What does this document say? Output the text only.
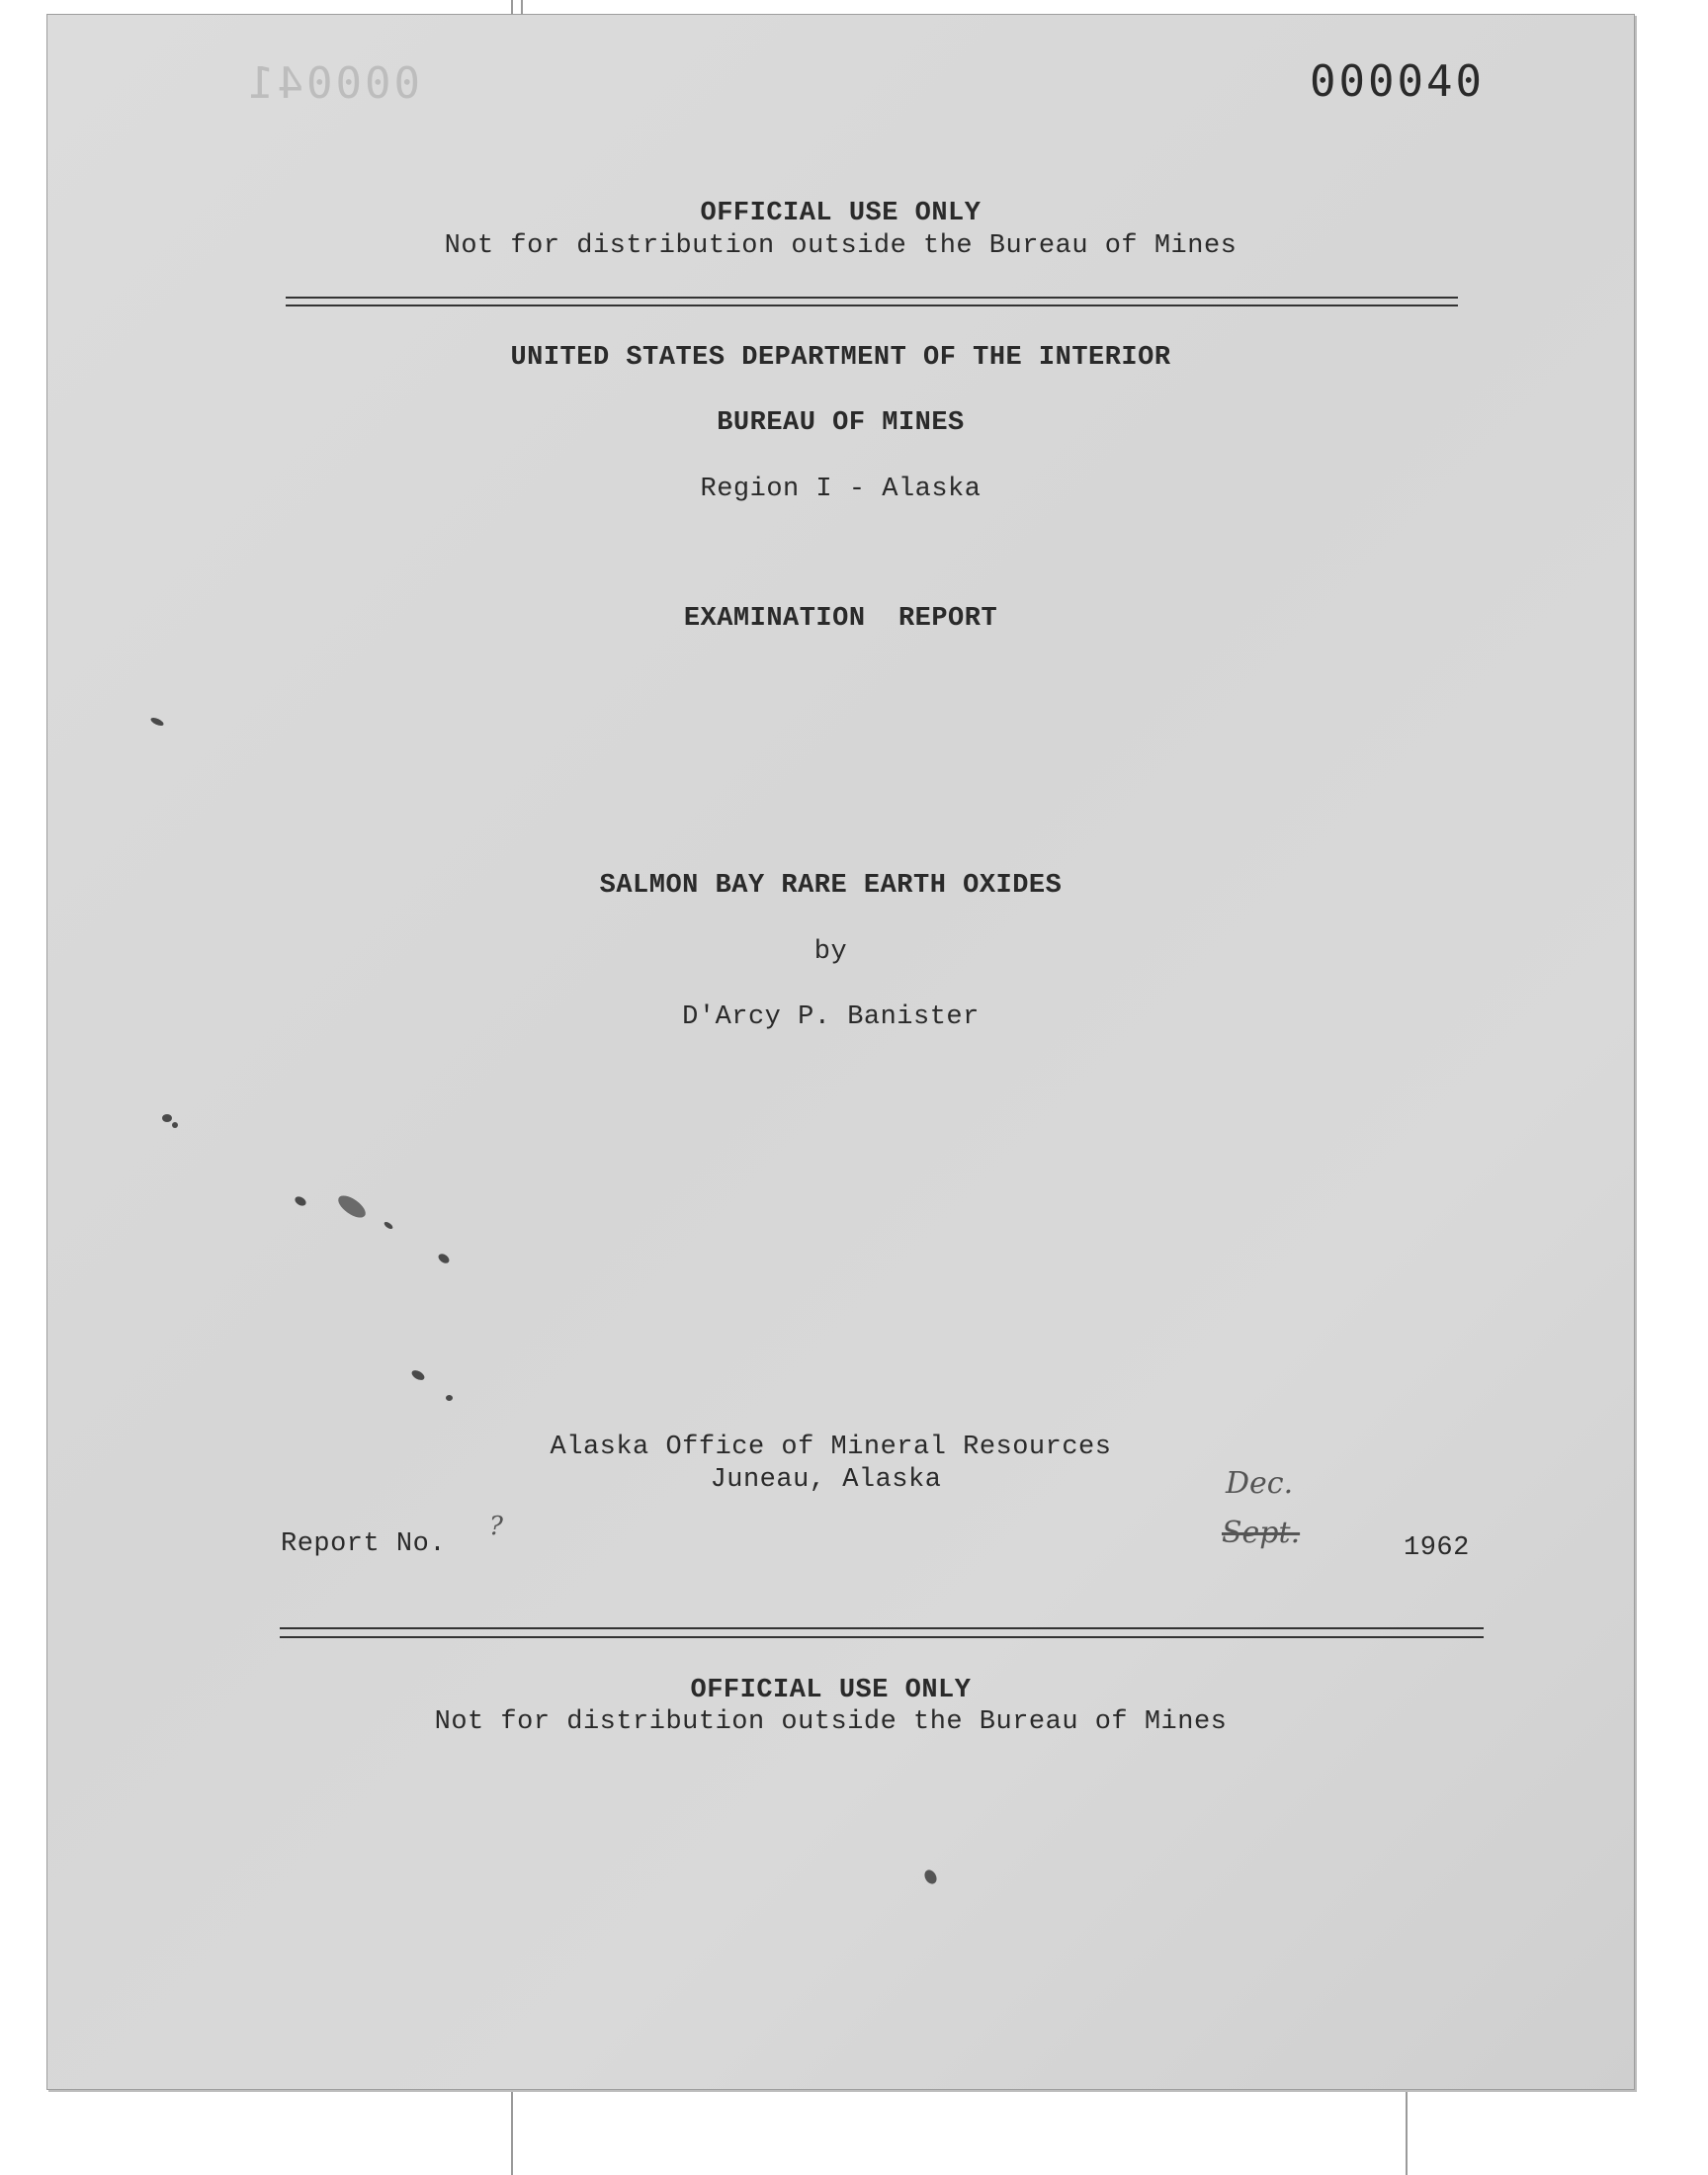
000041	000040
OFFICIAL USE ONLY
Not for distribution outside the Bureau of Mines
UNITED STATES DEPARTMENT OF THE INTERIOR
BUREAU OF MINES
Region I - Alaska
EXAMINATION  REPORT
SALMON BAY RARE EARTH OXIDES
by
D'Arcy P. Banister
Alaska Office of Mineral Resources
Juneau, Alaska
Report No.
?
Dec.
Sept.	1962
OFFICIAL USE ONLY
Not for distribution outside the Bureau of Mines
